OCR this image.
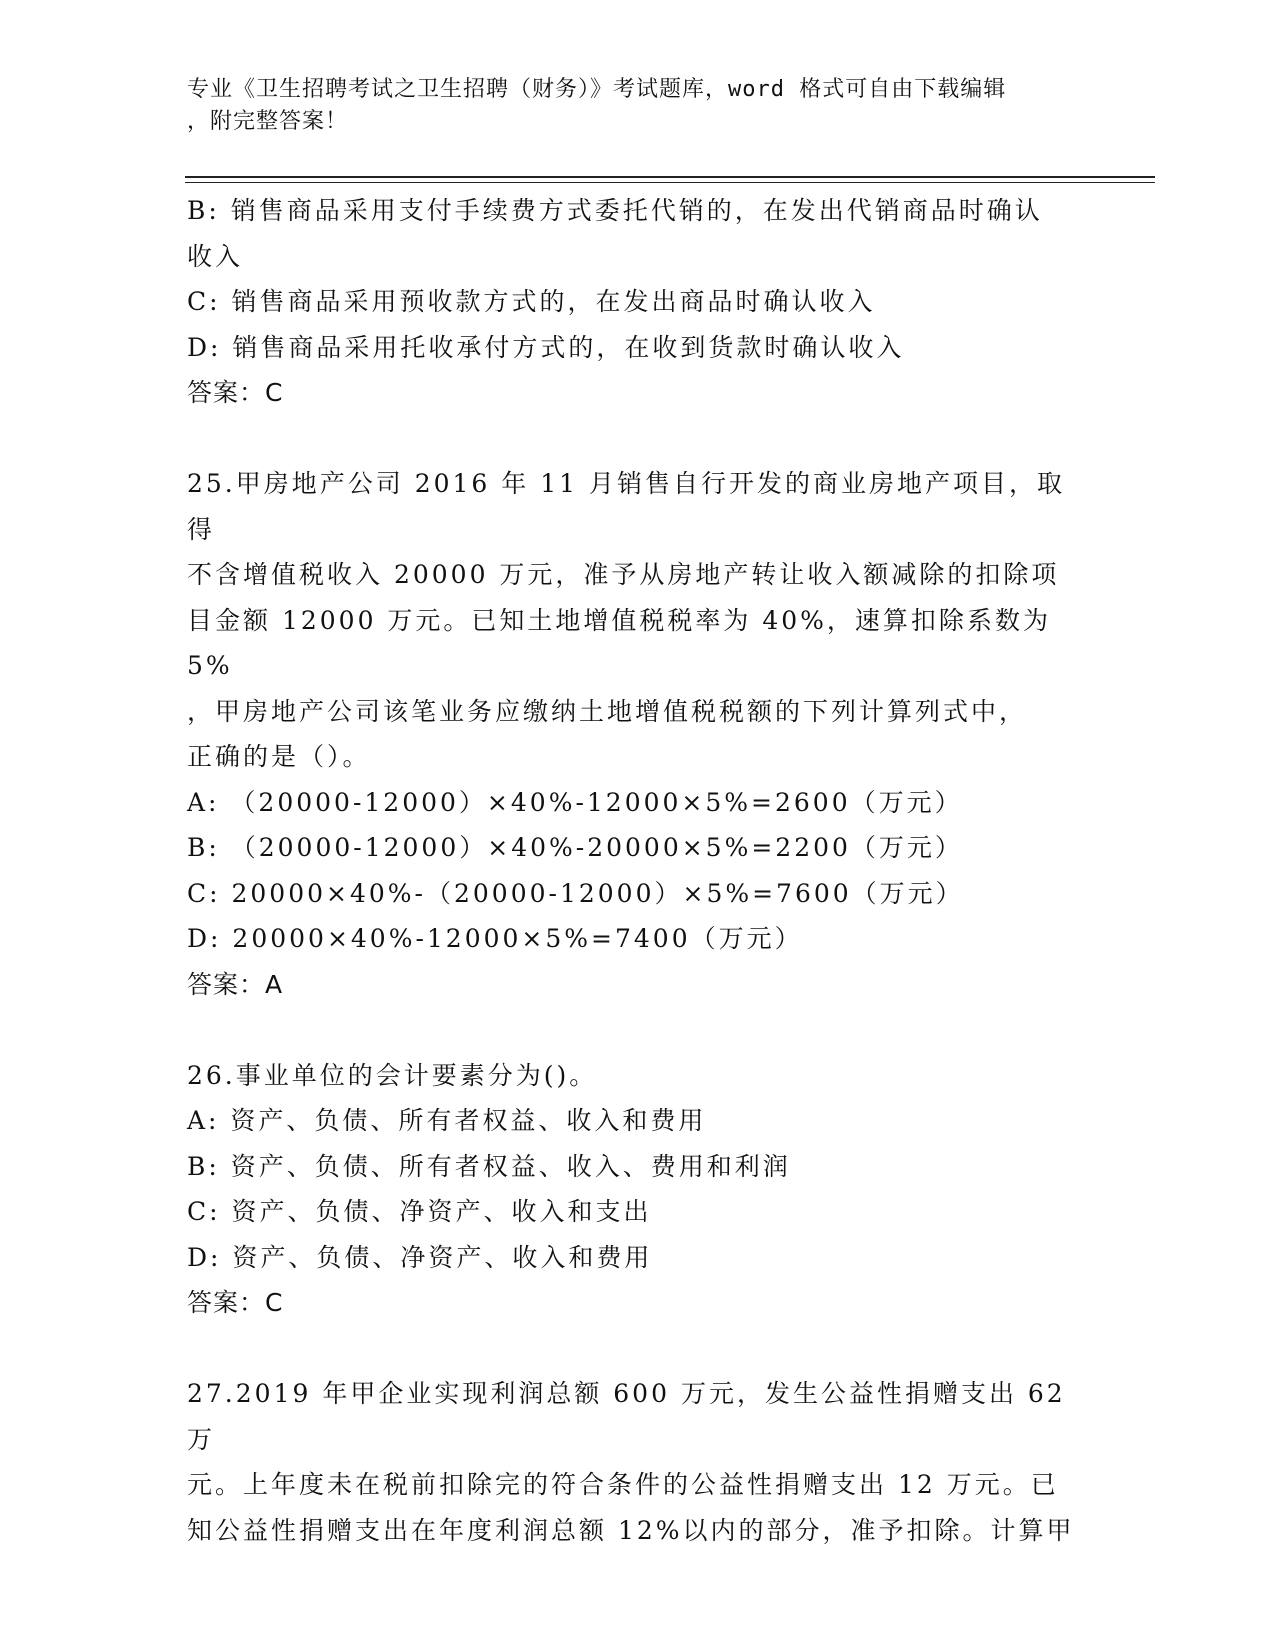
专业《卫生招聘考试之卫生招聘（财务）》考试题库，word 格式可自由下载编辑

，附完整答案！

B: 销售商品采用支付手续费方式委托代销的，在发出代销商品时确认

收入

C: 销售商品采用预收款方式的，在发出商品时确认收入

D: 销售商品采用托收承付方式的，在收到货款时确认收入

答案：C

25.甲房地产公司 2016 年 11 月销售自行开发的商业房地产项目，取得

不含增值税收入 20000 万元，准予从房地产转让收入额减除的扣除项

目金额 12000 万元。已知土地增值税税率为 40%，速算扣除系数为 5%

，甲房地产公司该笔业务应缴纳土地增值税税额的下列计算列式中，

正确的是（）。

A: （20000-12000）×40%-12000×5%=2600（万元）

B: （20000-12000）×40%-20000×5%=2200（万元）

C: 20000×40%-（20000-12000）×5%=7600（万元）

D: 20000×40%-12000×5%=7400（万元）

答案：A

26.事业单位的会计要素分为()。

A: 资产、负债、所有者权益、收入和费用

B: 资产、负债、所有者权益、收入、费用和利润

C: 资产、负债、净资产、收入和支出

D: 资产、负债、净资产、收入和费用

答案：C

27.2019 年甲企业实现利润总额 600 万元，发生公益性捐赠支出 62 万

元。上年度未在税前扣除完的符合条件的公益性捐赠支出 12 万元。已

知公益性捐赠支出在年度利润总额 12%以内的部分，准予扣除。计算甲
